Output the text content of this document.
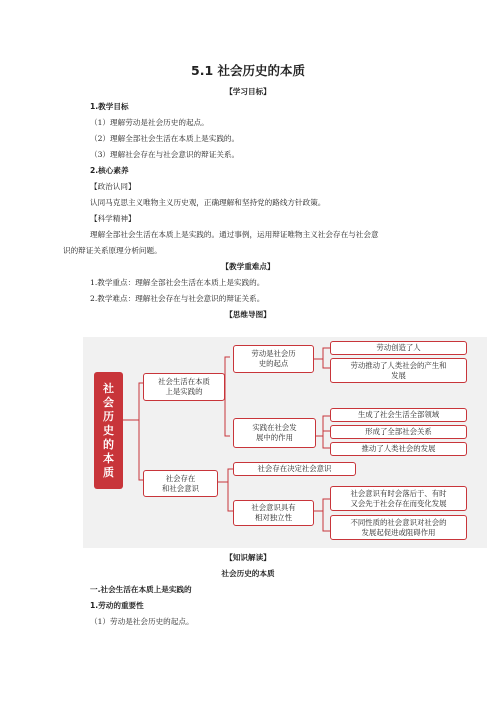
5.1 社会历史的本质
【学习目标】
1.教学目标
（1）理解劳动是社会历史的起点。
（2）理解全部社会生活在本质上是实践的。
（3）理解社会存在与社会意识的辩证关系。
2.核心素养
【政治认同】
认同马克思主义唯物主义历史观，正确理解和坚持党的路线方针政策。
【科学精神】
理解全部社会生活在本质上是实践的。通过事例，运用辩证唯物主义社会存在与社会意
识的辩证关系原理分析问题。
【教学重难点】
1.教学重点：理解全部社会生活在本质上是实践的。
2.教学难点：理解社会存在与社会意识的辩证关系。
【思维导图】
社
会
历
史
的
本
质
社会生活在本质
上是实践的
社会存在
和社会意识
劳动是社会历
史的起点
实践在社会发
展中的作用
社会存在决定社会意识
社会意识具有
相对独立性
劳动创造了人
劳动推动了人类社会的产生和
发展
生成了社会生活全部领域
形成了全部社会关系
推动了人类社会的发展
社会意识有时会落后于、有时
又会先于社会存在而变化发展
不同性质的社会意识对社会的
发展起促进或阻碍作用
【知识解读】
社会历史的本质
一.社会生活在本质上是实践的
1.劳动的重要性
（1）劳动是社会历史的起点。
